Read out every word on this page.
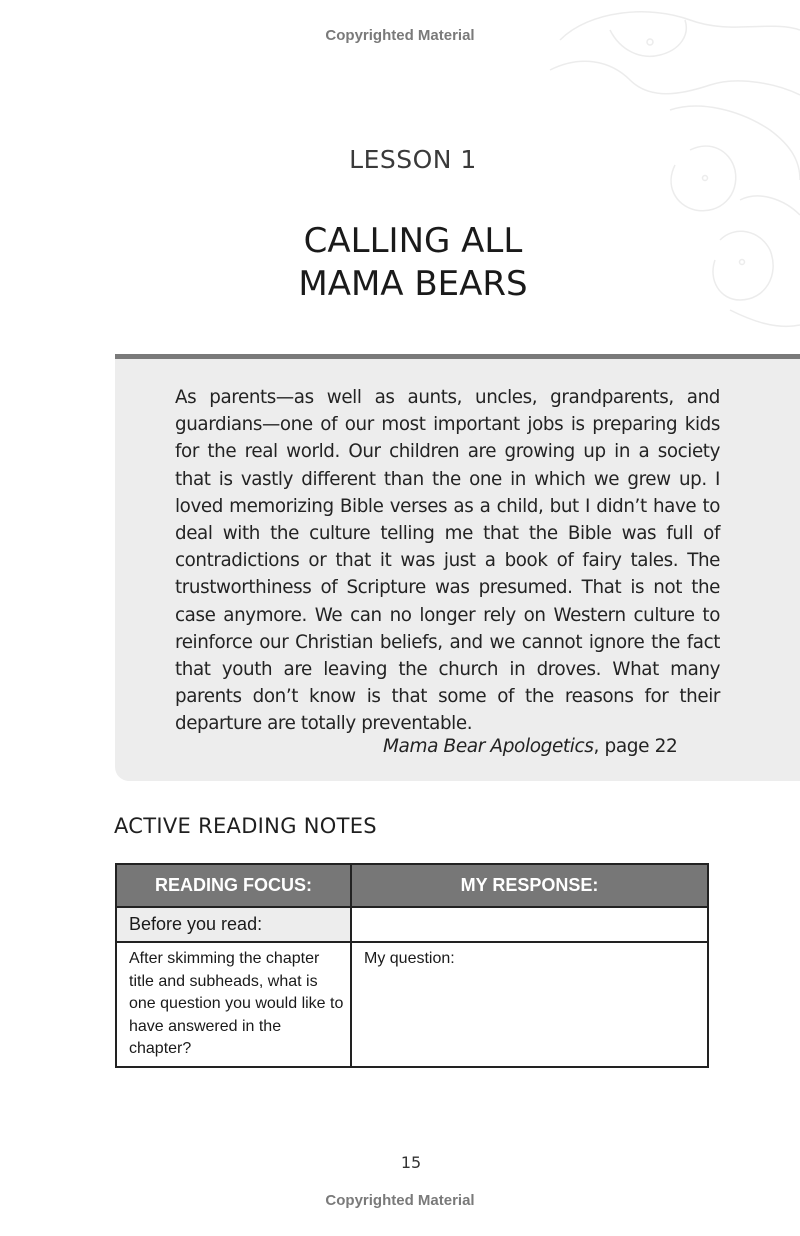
Copyrighted Material
LESSON 1
CALLING ALL
MAMA BEARS

As parents—as well as aunts, uncles, grandparents, and guardians—one of our most important jobs is preparing kids for the real world. Our children are growing up in a society that is vastly different than the one in which we grew up. I loved memorizing Bible verses as a child, but I didn’t have to deal with the culture telling me that the Bible was full of contradictions or that it was just a book of fairy tales. The trustworthiness of Scripture was presumed. That is not the case anymore. We can no longer rely on Western culture to reinforce our Christian beliefs, and we cannot ignore the fact that youth are leaving the church in droves. What many parents don’t know is that some of the reasons for their departure are totally preventable.

Mama Bear Apologetics, page 22
ACTIVE READING NOTES
READING FOCUS:	MY RESPONSE:
Before you read:	
After skimming the chapter title and subheads, what is one question you would like to have answered in the chapter?	My question:
15
Copyrighted Material
